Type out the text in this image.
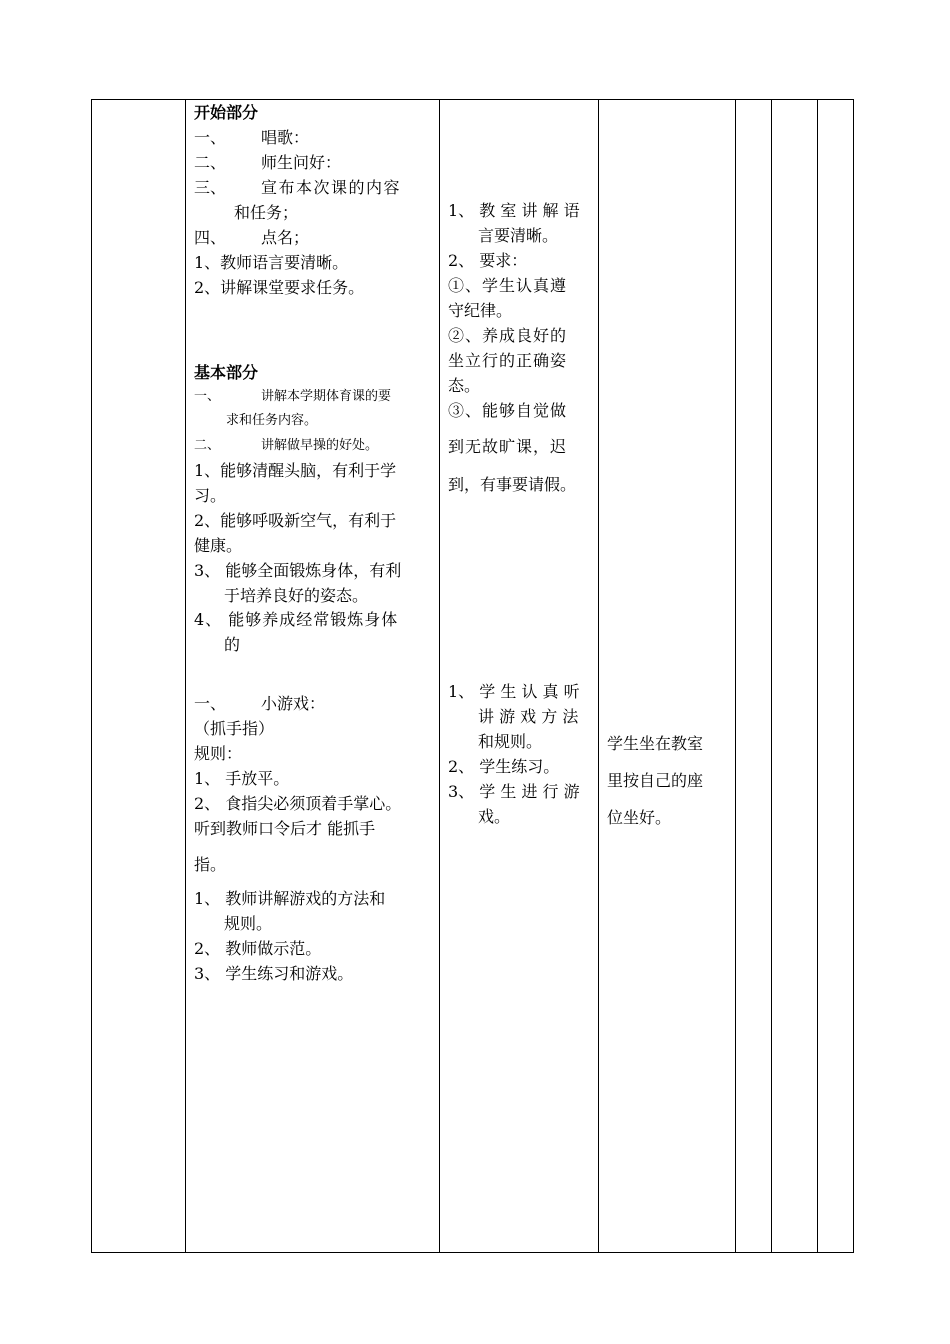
开始部分
一、 唱歌：
二、 师生问好：
三、 宣布本次课的内容
和任务；
四、 点名；
1、教师语言要清晰。
2、讲解课堂要求任务。
基本部分
一、	讲解本学期体育课的要
求和任务内容。
二、	讲解做早操的好处。
1、能够清醒头脑，有利于学
习。
2、能够呼吸新空气，有利于
健康。
3、 能够全面锻炼身体，有利
于培养良好的姿态。
4、 能够养成经常锻炼身体
的
一、 小游戏：
（抓手指）
规则：
1、 手放平。
2、 食指尖必须顶着手掌心。
听到教师口令后才 能抓手
指。
1、 教师讲解游戏的方法和
规则。
2、 教师做示范。
3、 学生练习和游戏。
1、 教 室 讲 解 语
言要清晰。
2、 要求：
①、学生认真遵
守纪律。
②、养成良好的
坐立行的正确姿
态。
③、能够自觉做
到无故旷课，迟
到，有事要请假。
1、 学 生 认 真 听
讲 游 戏 方 法
和规则。
2、 学生练习。
3、 学 生 进 行 游
戏。
学生坐在教室
里按自己的座
位坐好。
